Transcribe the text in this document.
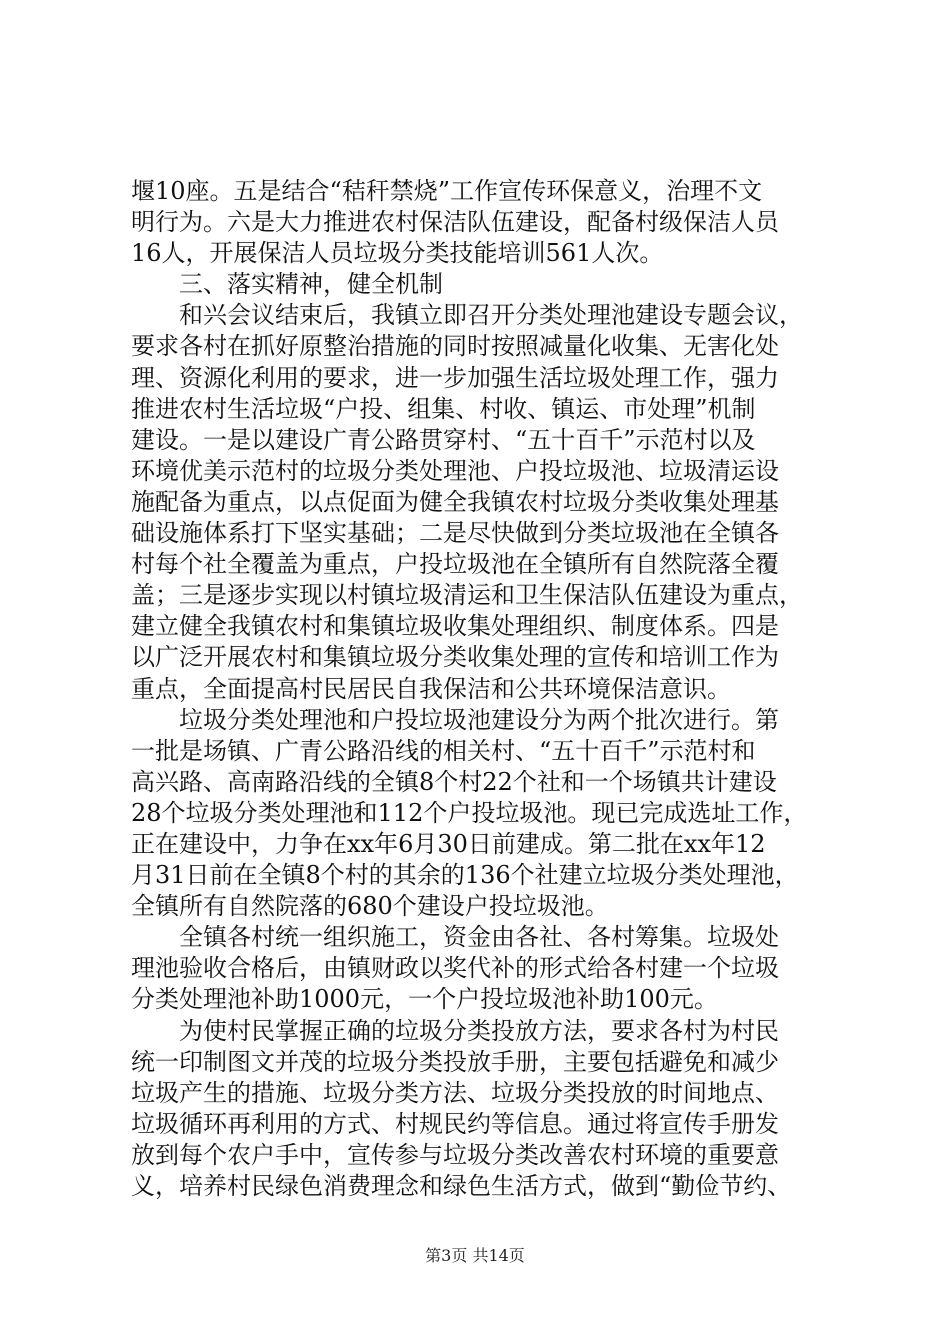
堰10座。五是结合“秸秆禁烧”工作宣传环保意义，治理不文
明行为。六是大力推进农村保洁队伍建设，配备村级保洁人员
16人，开展保洁人员垃圾分类技能培训561人次。
三、落实精神，健全机制
和兴会议结束后，我镇立即召开分类处理池建设专题会议，
要求各村在抓好原整治措施的同时按照减量化收集、无害化处
理、资源化利用的要求，进一步加强生活垃圾处理工作，强力
推进农村生活垃圾“户投、组集、村收、镇运、市处理”机制
建设。一是以建设广青公路贯穿村、“五十百千”示范村以及
环境优美示范村的垃圾分类处理池、户投垃圾池、垃圾清运设
施配备为重点，以点促面为健全我镇农村垃圾分类收集处理基
础设施体系打下坚实基础；二是尽快做到分类垃圾池在全镇各
村每个社全覆盖为重点，户投垃圾池在全镇所有自然院落全覆
盖；三是逐步实现以村镇垃圾清运和卫生保洁队伍建设为重点，
建立健全我镇农村和集镇垃圾收集处理组织、制度体系。四是
以广泛开展农村和集镇垃圾分类收集处理的宣传和培训工作为
重点，全面提高村民居民自我保洁和公共环境保洁意识。
垃圾分类处理池和户投垃圾池建设分为两个批次进行。第
一批是场镇、广青公路沿线的相关村、“五十百千”示范村和
高兴路、高南路沿线的全镇8个村22个社和一个场镇共计建设
28个垃圾分类处理池和112个户投垃圾池。现已完成选址工作，
正在建设中，力争在xx年6月30日前建成。第二批在xx年12
月31日前在全镇8个村的其余的136个社建立垃圾分类处理池，
全镇所有自然院落的680个建设户投垃圾池。
全镇各村统一组织施工，资金由各社、各村筹集。垃圾处
理池验收合格后，由镇财政以奖代补的形式给各村建一个垃圾
分类处理池补助1000元，一个户投垃圾池补助100元。
为使村民掌握正确的垃圾分类投放方法，要求各村为村民
统一印制图文并茂的垃圾分类投放手册，主要包括避免和减少
垃圾产生的措施、垃圾分类方法、垃圾分类投放的时间地点、
垃圾循环再利用的方式、村规民约等信息。通过将宣传手册发
放到每个农户手中，宣传参与垃圾分类改善农村环境的重要意
义，培养村民绿色消费理念和绿色生活方式，做到“勤俭节约、
第3页 共14页
